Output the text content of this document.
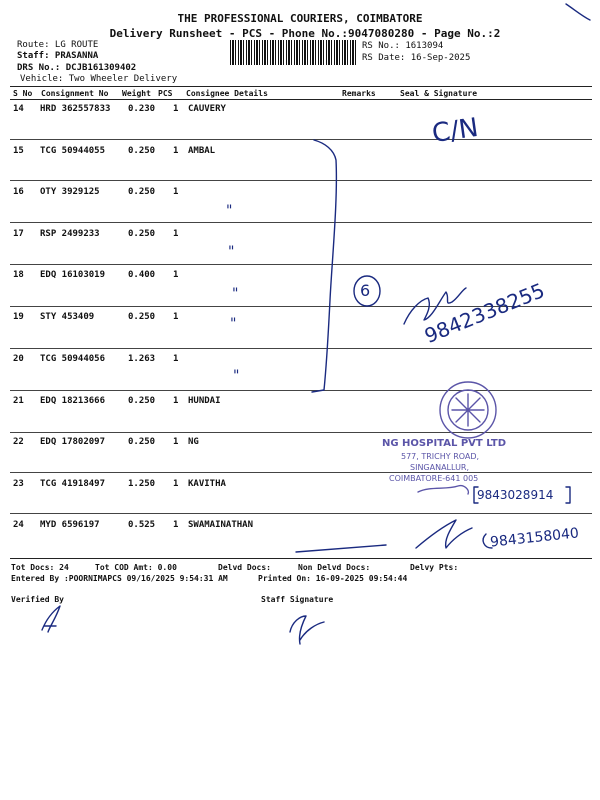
THE PROFESSIONAL COURIERS, COIMBATORE
Delivery Runsheet - PCS - Phone No.:9047080280 - Page No.:2
Route: LG ROUTE
Staff: PRASANNA
DRS No.: DCJB161309402
Vehicle: Two Wheeler Delivery
RS No.: 1613094
RS Date: 16-Sep-2025
S No Consignment No Weight PCS Consignee Details	Remarks	Seal & Signature
14 HRD 362557833 0.230 1 CAUVERY
15 TCG 50944055	0.250 1 AMBAL
16 OTY 3929125	0.250 1
17 RSP 2499233	0.250 1
18 EDQ 16103019	0.400 1
19 STY 453409	0.250 1
20 TCG 50944056	1.263 1
21 EDQ 18213666	0.250 1 HUNDAI
22 EDQ 17802097	0.250 1 NG
23 TCG 41918497	1.250 1 KAVITHA
24 MYD 6596197	0.525 1 SWAMAINATHAN
Tot Docs: 24	Tot COD Amt: 0.00	Delvd Docs:	Non Delvd Docs:	Delvy Pts:
Entered By :POORNIMAPCS 09/16/2025 9:54:31 AM	Printed On: 16-09-2025 09:54:44
Verified By	Staff Signature
"
"
"
"
"
C/N
6	9842338255
9843028914
9843158040
NG HOSPITAL PVT LTD
577, TRICHY ROAD,
SINGANALLUR,
COIMBATORE-641 005
